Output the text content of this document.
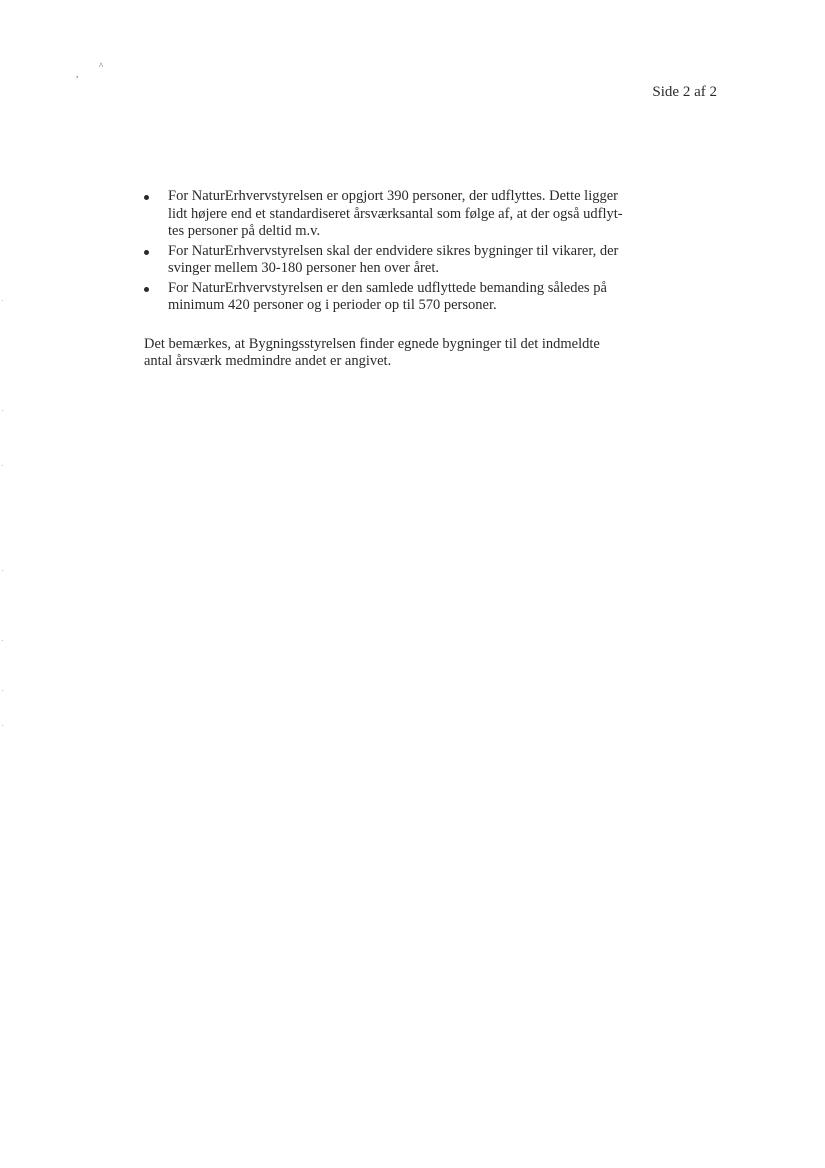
,
^
Side 2 af 2
For NaturErhvervstyrelsen er opgjort 390 personer, der udflyttes. Dette ligger
lidt højere end et standardiseret årsværksantal som følge af, at der også udflyt-
tes personer på deltid m.v.
For NaturErhvervstyrelsen skal der endvidere sikres bygninger til vikarer, der
svinger mellem 30-180 personer hen over året.
For NaturErhvervstyrelsen er den samlede udflyttede bemanding således på
minimum 420 personer og i perioder op til 570 personer.

Det bemærkes, at Bygningsstyrelsen finder egnede bygninger til det indmeldte
antal årsværk medmindre andet er angivet.
